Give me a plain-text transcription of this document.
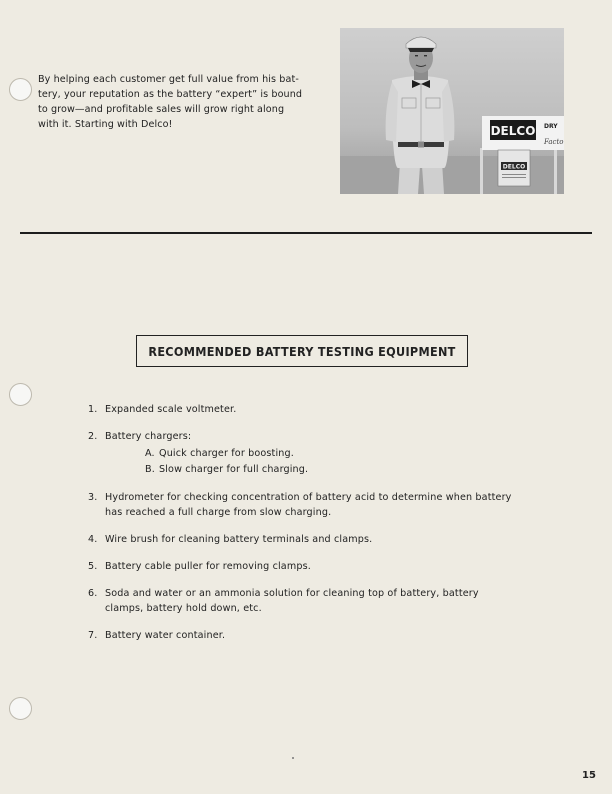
By helping each customer get full value from his bat-
tery, your reputation as the battery “expert” is bound
to grow—and profitable sales will grow right along
with it. Starting with Delco!	DELCO DRY
Facto
DELCO
RECOMMENDED BATTERY TESTING EQUIPMENT
1. Expanded scale voltmeter.
2. Battery chargers:
A. Quick charger for boosting.
B. Slow charger for full charging.
3. Hydrometer for checking concentration of battery acid to determine when battery
has reached a full charge from slow charging.
4. Wire brush for cleaning battery terminals and clamps.
5. Battery cable puller for removing clamps.
6. Soda and water or an ammonia solution for cleaning top of battery, battery
clamps, battery hold down, etc.
7. Battery water container.
15
